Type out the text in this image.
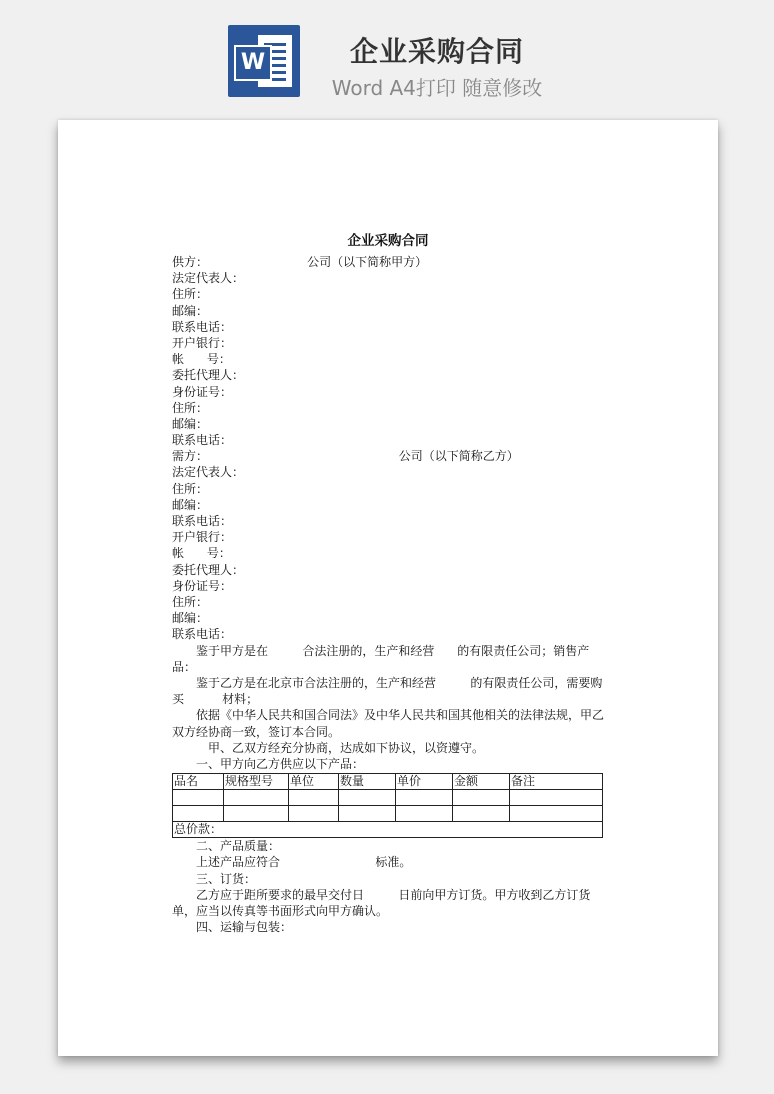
W	企业采购合同
Word A4打印 随意修改
企业采购合同
供方：                          公司（以下简称甲方）
法定代表人：
住所：
邮编：
联系电话：
开户银行：
帐      号：
委托代理人：
身份证号：
住所：
邮编：
联系电话：
需方：                                                  公司（以下简称乙方）
法定代表人：
住所：
邮编：
联系电话：
开户银行：
帐      号：
委托代理人：
身份证号：
住所：
邮编：
联系电话：
鉴于甲方是在         合法注册的，生产和经营      的有限责任公司；销售产品：
鉴于乙方是在北京市合法注册的，生产和经营         的有限责任公司，需要购买          材料；
依据《中华人民共和国合同法》及中华人民共和国其他相关的法律法规，甲乙双方经协商一致，签订本合同。
甲、乙双方经充分协商，达成如下协议，以资遵守。
一、甲方向乙方供应以下产品：
品名	规格型号	单位	数量	单价	金额	备注

总价款：						
二、产品质量：
上述产品应符合                         标准。
三、订货：
乙方应于距所要求的最早交付日         日前向甲方订货。甲方收到乙方订货单，应当以传真等书面形式向甲方确认。
四、运输与包装：
